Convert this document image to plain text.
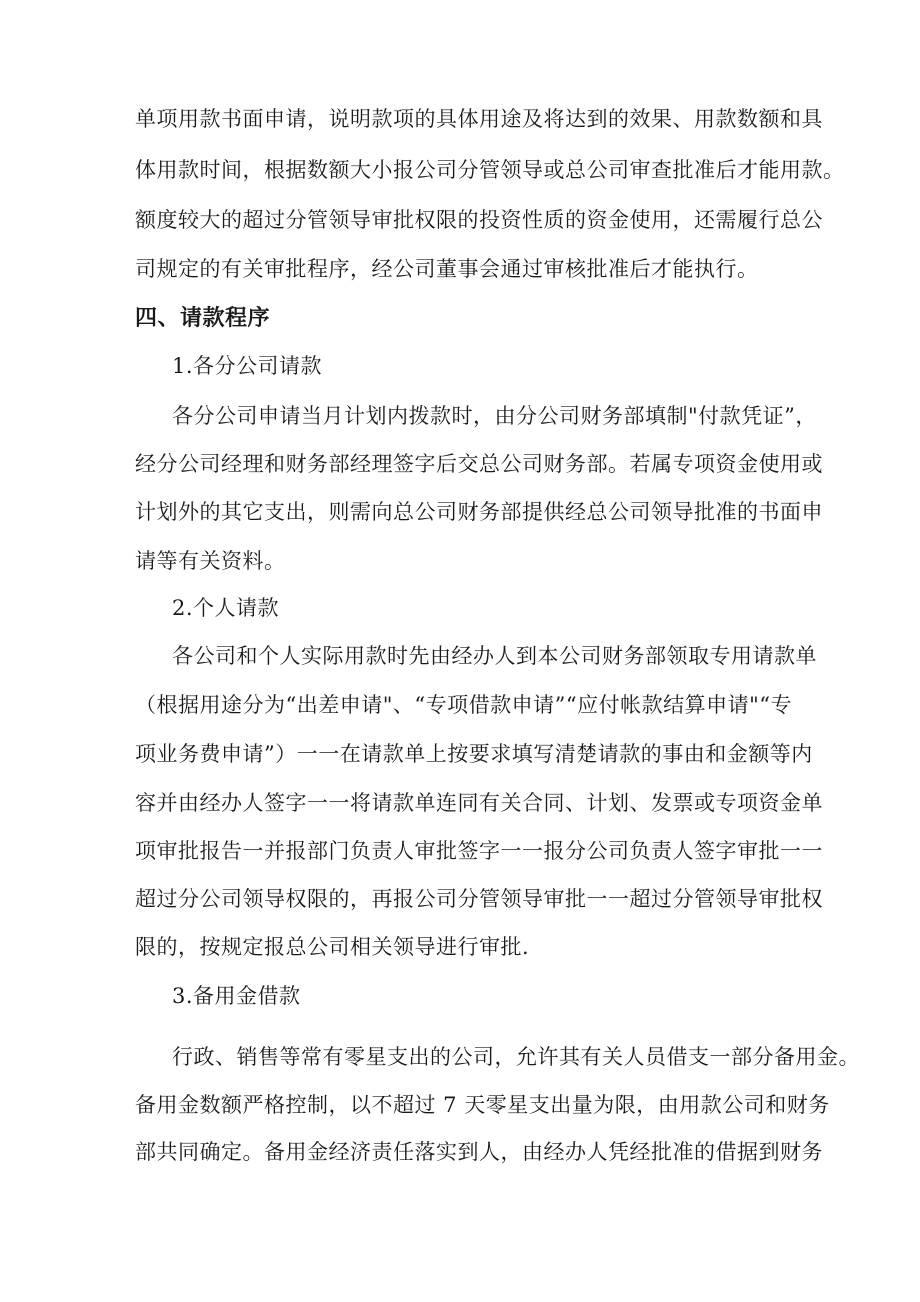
单项用款书面申请，说明款项的具体用途及将达到的效果、用款数额和具
体用款时间，根据数额大小报公司分管领导或总公司审查批准后才能用款。
额度较大的超过分管领导审批权限的投资性质的资金使用，还需履行总公
司规定的有关审批程序，经公司董事会通过审核批准后才能执行。
四、请款程序
1.各分公司请款
各分公司申请当月计划内拨款时，由分公司财务部填制"付款凭证”，
经分公司经理和财务部经理签字后交总公司财务部。若属专项资金使用或
计划外的其它支出，则需向总公司财务部提供经总公司领导批准的书面申
请等有关资料。
2.个人请款
各公司和个人实际用款时先由经办人到本公司财务部领取专用请款单
（根据用途分为“出差申请"、“专项借款申请”“应付帐款结算申请"“专
项业务费申请”）一一在请款单上按要求填写清楚请款的事由和金额等内
容并由经办人签字一一将请款单连同有关合同、计划、发票或专项资金单
项审批报告一并报部门负责人审批签字一一报分公司负责人签字审批一一
超过分公司领导权限的，再报公司分管领导审批一一超过分管领导审批权
限的，按规定报总公司相关领导进行审批.
3.备用金借款
行政、销售等常有零星支出的公司，允许其有关人员借支一部分备用金。
备用金数额严格控制，以不超过 7 天零星支出量为限，由用款公司和财务
部共同确定。备用金经济责任落实到人，由经办人凭经批准的借据到财务
